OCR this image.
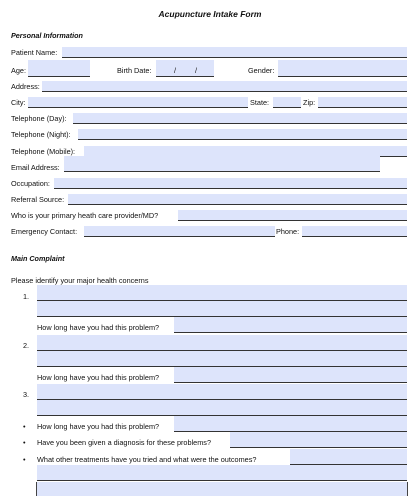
Acupuncture Intake Form
Personal Information
Patient Name:
Age:	Birth Date:	/	/	Gender:
Address:
City:	State:	Zip:
Telephone (Day):
Telephone (Night):
Telephone (Mobile):
Email Address:
Occupation:
Referral Source:
Who is your primary heath care provider/MD?
Emergency Contact:	Phone:
Main Complaint
Please identify your major health concerns
1.
How long have you had this problem?
2.
How long have you had this problem?
3.
• How long have you had this problem?
• Have you been given a diagnosis for these problems?
• What other treatments have you tried and what were the outcomes?
